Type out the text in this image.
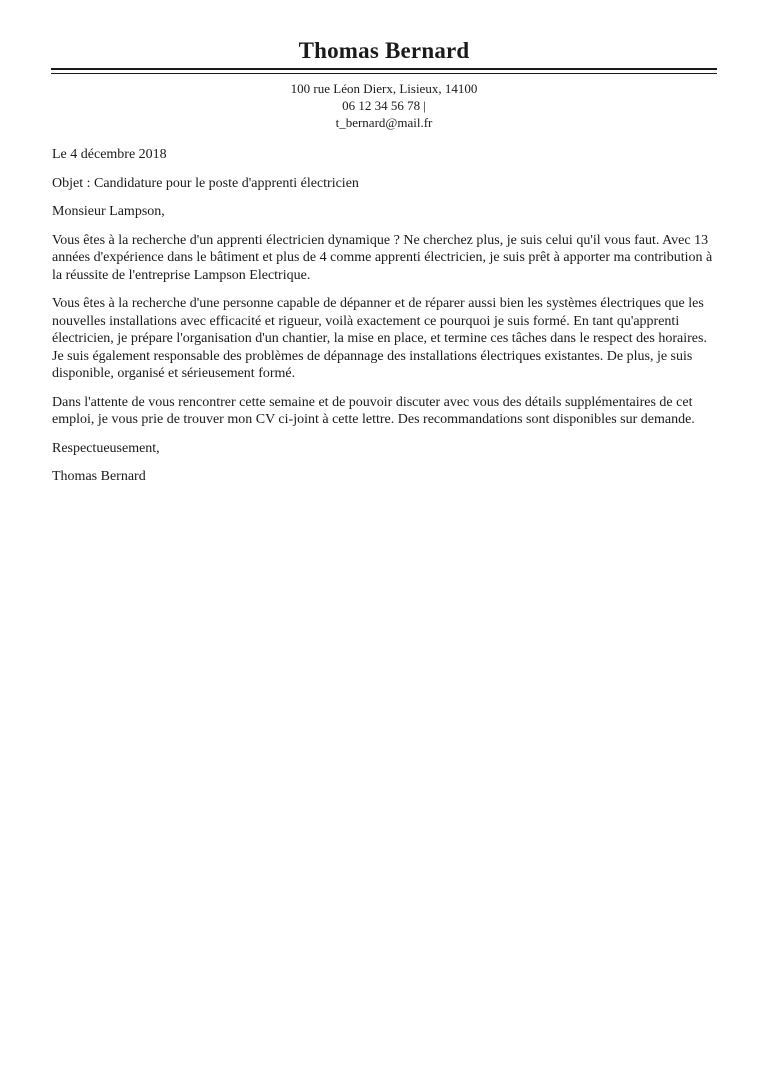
Thomas Bernard
100 rue Léon Dierx, Lisieux, 14100
06 12 34 56 78 |
t_bernard@mail.fr

Le 4 décembre 2018

Objet : Candidature pour le poste d'apprenti électricien

Monsieur Lampson,

Vous êtes à la recherche d'un apprenti électricien dynamique ? Ne cherchez plus, je suis celui qu'il vous faut. Avec 13 années d'expérience dans le bâtiment et plus de 4 comme apprenti électricien, je suis prêt à apporter ma contribution à la réussite de l'entreprise Lampson Electrique.

Vous êtes à la recherche d'une personne capable de dépanner et de réparer aussi bien les systèmes électriques que les nouvelles installations avec efficacité et rigueur, voilà exactement ce pourquoi je suis formé. En tant qu'apprenti électricien, je prépare l'organisation d'un chantier, la mise en place, et termine ces tâches dans le respect des horaires. Je suis également responsable des problèmes de dépannage des installations électriques existantes. De plus, je suis disponible, organisé et sérieusement formé.

Dans l'attente de vous rencontrer cette semaine et de pouvoir discuter avec vous des détails supplémentaires de cet emploi, je vous prie de trouver mon CV ci-joint à cette lettre. Des recommandations sont disponibles sur demande.

Respectueusement,

Thomas Bernard
